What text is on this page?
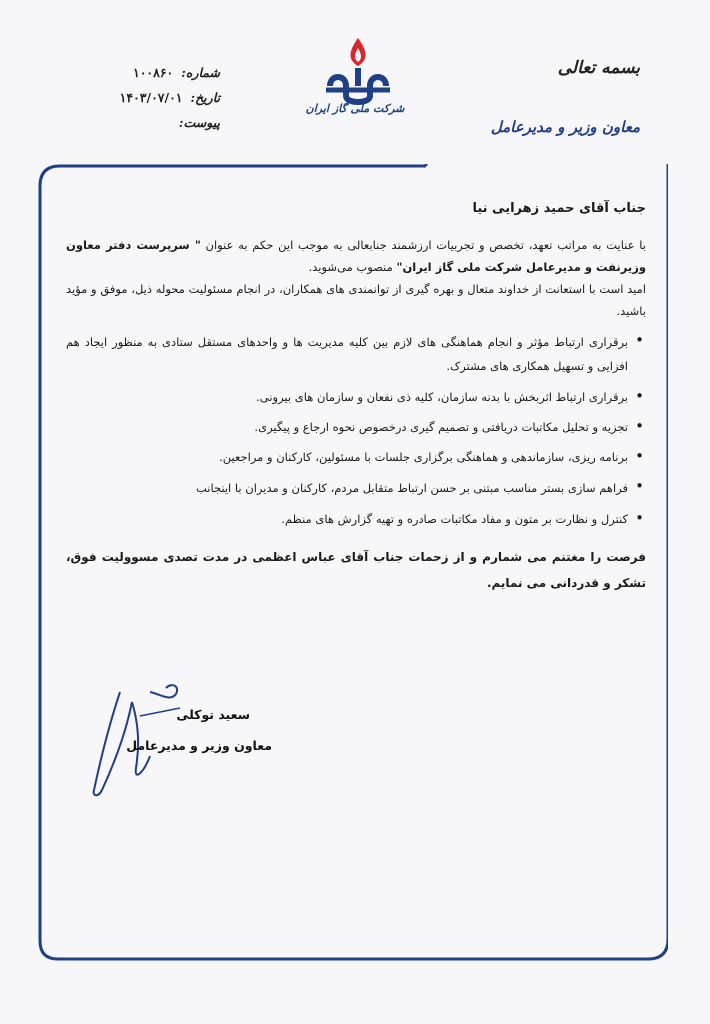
بسمه تعالی
شماره:
۱۰۰۸۶۰
تاریخ:
۱۴۰۳/۰۷/۰۱
پیوست:
شرکت ملی گاز ایران
معاون وزیر و مدیرعامل
جناب آقای حمید زهرایی نیا

با عنایت به مراتب تعهد، تخصص و تجربیات ارزشمند جنابعالی به موجب این حکم به عنوان " سرپرست دفتر معاون وزیرنفت و مدیرعامل شرکت ملی گاز ایران" منصوب می‌شوید.

امید است با استعانت از خداوند متعال و بهره گیری از توانمندی های همکاران، در انجام مسئولیت محوله ذیل، موفق و مؤید باشید.

• برقراری ارتباط مؤثر و انجام هماهنگی های لازم بین کلیه مدیریت ها و واحدهای مستقل ستادی به منظور ایجاد هم افزایی و تسهیل همکاری های مشترک.
• برقراری ارتباط اثربخش با بدنه سازمان، کلیه ذی نفعان و سازمان های بیرونی.
• تجزیه و تحلیل مکاتبات دریافتی و تصمیم گیری درخصوص نحوه ارجاع و پیگیری.
• برنامه ریزی، سازماندهی و هماهنگی برگزاری جلسات با مسئولین، کارکنان و مراجعین.
• فراهم سازی بستر مناسب مبتنی بر حسن ارتباط متقابل مردم، کارکنان و مدیران با اینجانب
• کنترل و نظارت بر متون و مفاد مکاتبات صادره و تهیه گزارش های منظم.
فرصت را مغتنم می شمارم و از زحمات جناب آقای عباس اعظمی در مدت تصدی مسوولیت فوق، تشکر و قدردانی می نمایم.
سعید توکلی
معاون وزیر و مدیرعامل
